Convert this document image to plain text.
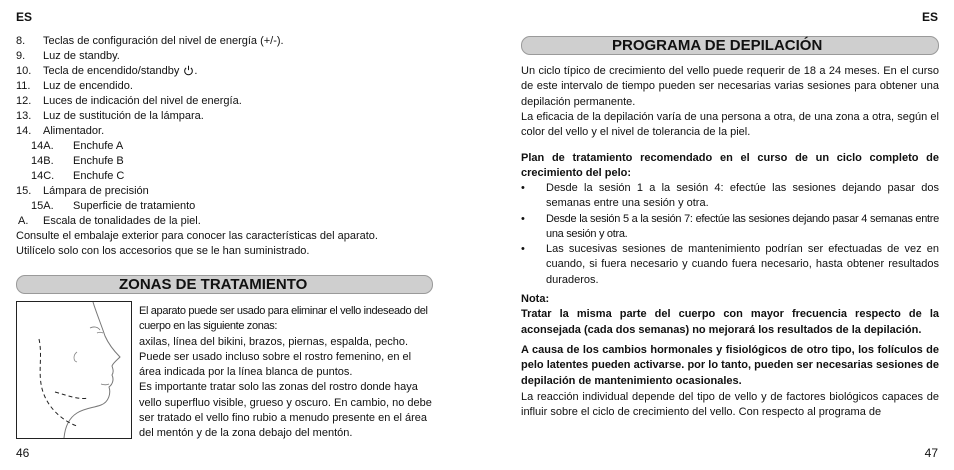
ES
8.	Teclas de configuración del nivel de energía (+/-).
9.	Luz de standby.
10.	Tecla de encendido/standby .
11.	Luz de encendido.
12.	Luces de indicación del nivel de energía.
13.	Luz de sustitución de la lámpara.
14.	Alimentador.
14A.	Enchufe A
14B.	Enchufe B
14C.	Enchufe C
15.	Lámpara de precisión
15A.	Superficie de tratamiento
A.	Escala de tonalidades de la piel.
Consulte el embalaje exterior para conocer las características del aparato.
Utilícelo solo con los accesorios que se le han suministrado.
ZONAS DE TRATAMIENTO
El aparato puede ser usado para eliminar el vello indeseado del cuerpo en las siguiente zonas:
axilas, línea del bikini, brazos, piernas, espalda, pecho. Puede ser usado incluso sobre el rostro femenino, en el área indicada por la línea blanca de puntos.
Es importante tratar solo las zonas del rostro donde haya vello superfluo visible, grueso y oscuro. En cambio, no debe ser tratado el vello fino rubio a menudo presente en el área del mentón y de la zona debajo del mentón.
46
ES
PROGRAMA DE DEPILACIÓN
Un ciclo típico de crecimiento del vello puede requerir de 18 a 24 meses. En el curso de este intervalo de tiempo pueden ser necesarias varias sesiones para obtener una depilación permanente.
La eficacia de la depilación varía de una persona a otra, de una zona a otra, según el color del vello y el nivel de tolerancia de la piel.
Plan de tratamiento recomendado en el curso de un ciclo completo de crecimiento del pelo:
• Desde la sesión 1 a la sesión 4: efectúe las sesiones dejando pasar dos semanas entre una sesión y otra.
• Desde la sesión 5 a la sesión 7: efectúe las sesiones dejando pasar 4 semanas entre una sesión y otra.
• Las sucesivas sesiones de mantenimiento podrían ser efectuadas de vez en cuando, si fuera necesario y cuando fuera necesario, hasta obtener resultados duraderos.
Nota:
Tratar la misma parte del cuerpo con mayor frecuencia respecto de la aconsejada (cada dos semanas) no mejorará los resultados de la depilación.
A causa de los cambios hormonales y fisiológicos de otro tipo, los folículos de pelo latentes pueden activarse. por lo tanto, pueden ser necesarias sesiones de depilación de mantenimiento ocasionales.
La reacción individual depende del tipo de vello y de factores biológicos capaces de influir sobre el ciclo de crecimiento del vello. Con respecto al programa de
47
